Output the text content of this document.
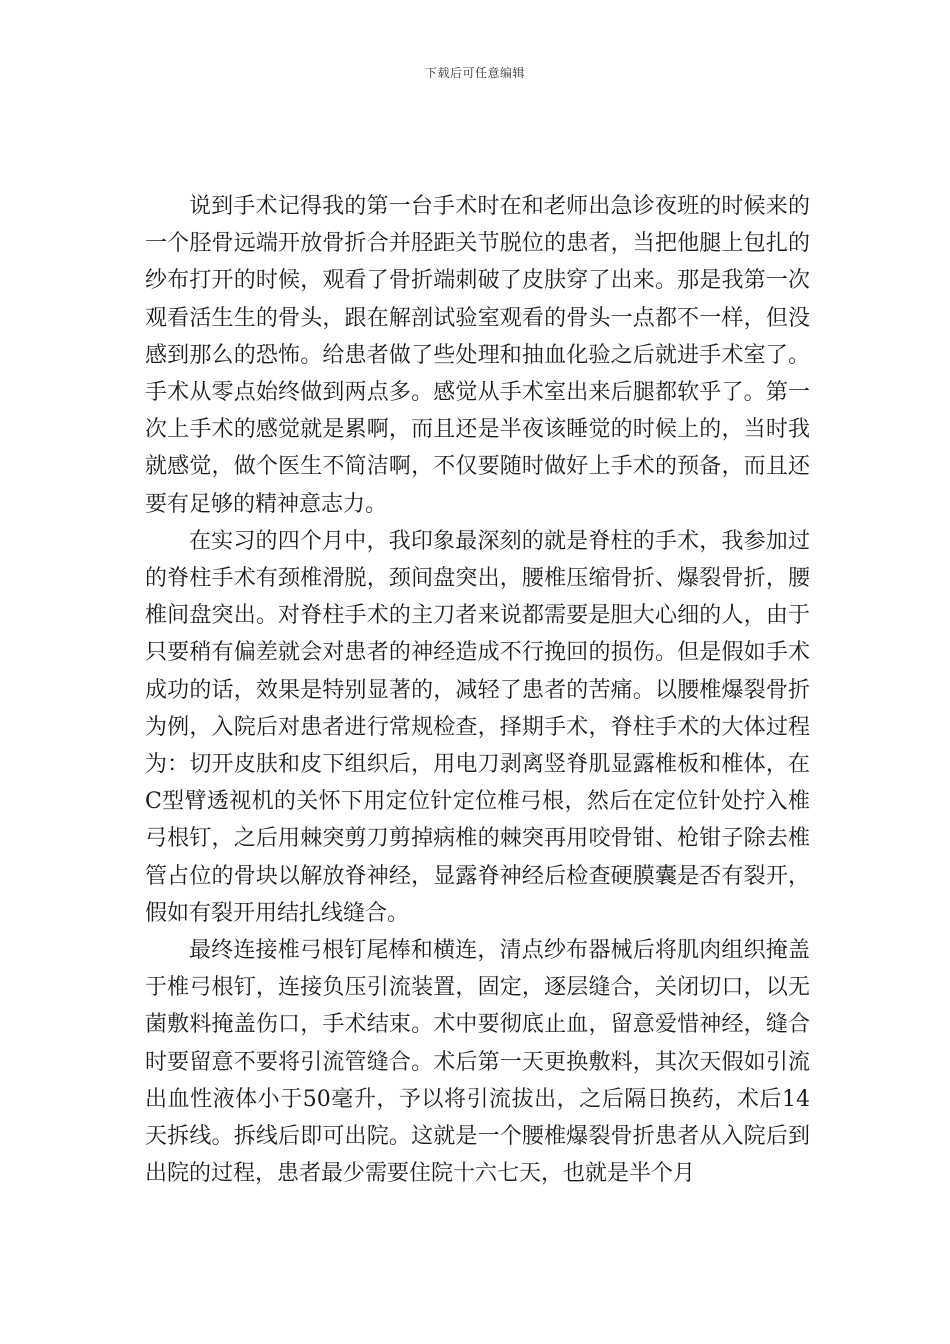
下载后可任意编辑

说到手术记得我的第一台手术时在和老师出急诊夜班的时候来的一个胫骨远端开放骨折合并胫距关节脱位的患者，当把他腿上包扎的纱布打开的时候，观看了骨折端刺破了皮肤穿了出来。那是我第一次观看活生生的骨头，跟在解剖试验室观看的骨头一点都不一样，但没感到那么的恐怖。给患者做了些处理和抽血化验之后就进手术室了。手术从零点始终做到两点多。感觉从手术室出来后腿都软乎了。第一次上手术的感觉就是累啊，而且还是半夜该睡觉的时候上的，当时我就感觉，做个医生不简洁啊，不仅要随时做好上手术的预备，而且还要有足够的精神意志力。

在实习的四个月中，我印象最深刻的就是脊柱的手术，我参加过的脊柱手术有颈椎滑脱，颈间盘突出，腰椎压缩骨折、爆裂骨折，腰椎间盘突出。对脊柱手术的主刀者来说都需要是胆大心细的人，由于只要稍有偏差就会对患者的神经造成不行挽回的损伤。但是假如手术成功的话，效果是特别显著的，减轻了患者的苦痛。以腰椎爆裂骨折为例，入院后对患者进行常规检查，择期手术，脊柱手术的大体过程为：切开皮肤和皮下组织后，用电刀剥离竖脊肌显露椎板和椎体，在C型臂透视机的关怀下用定位针定位椎弓根，然后在定位针处拧入椎弓根钉，之后用棘突剪刀剪掉病椎的棘突再用咬骨钳、枪钳子除去椎管占位的骨块以解放脊神经，显露脊神经后检查硬膜囊是否有裂开，假如有裂开用结扎线缝合。

最终连接椎弓根钉尾棒和横连，清点纱布器械后将肌肉组织掩盖于椎弓根钉，连接负压引流装置，固定，逐层缝合，关闭切口，以无菌敷料掩盖伤口，手术结束。术中要彻底止血，留意爱惜神经，缝合时要留意不要将引流管缝合。术后第一天更换敷料，其次天假如引流出血性液体小于50毫升，予以将引流拔出，之后隔日换药，术后14天拆线。拆线后即可出院。这就是一个腰椎爆裂骨折患者从入院后到出院的过程，患者最少需要住院十六七天，也就是半个月
